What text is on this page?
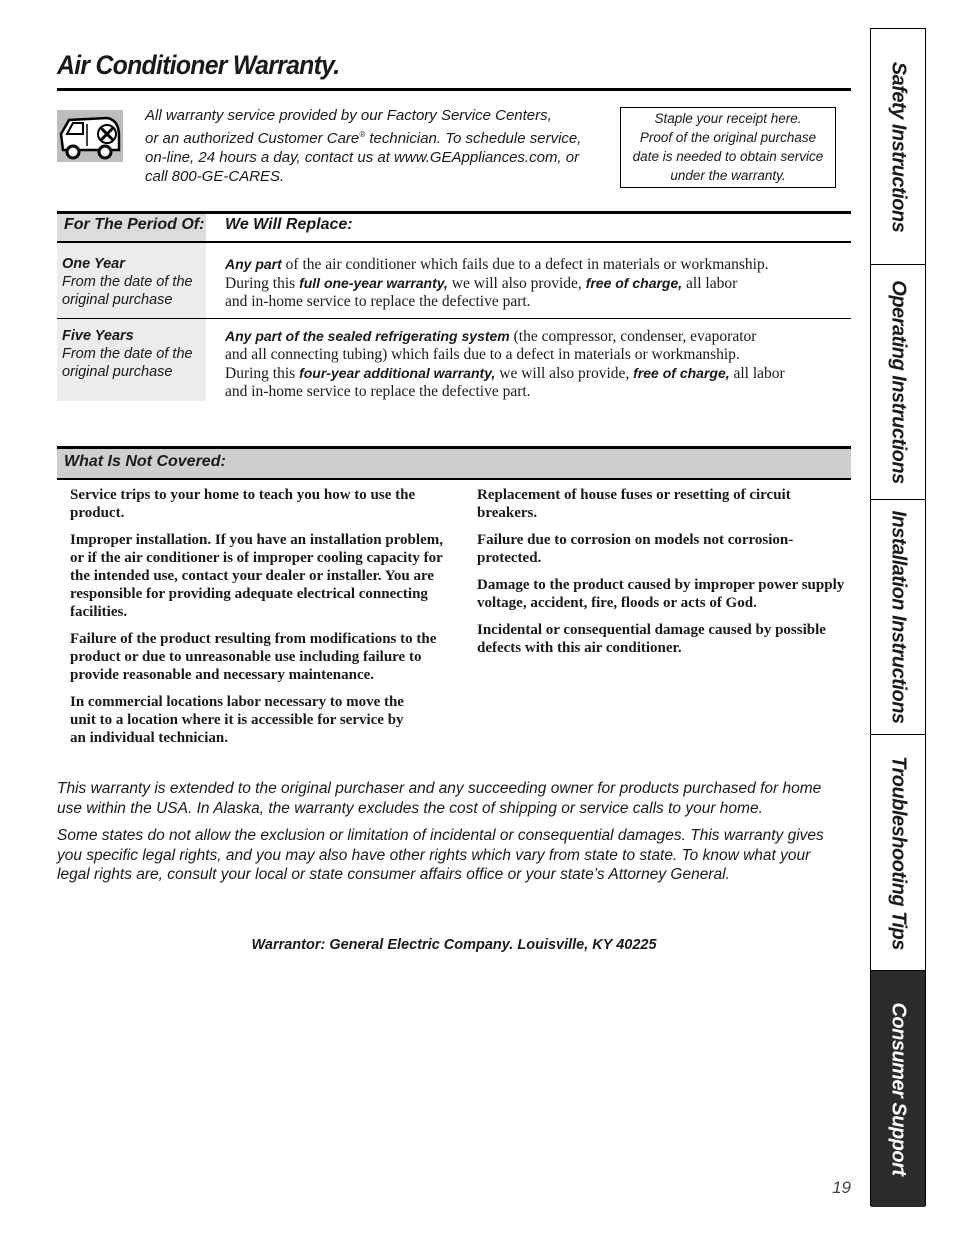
Air Conditioner Warranty.
All warranty service provided by our Factory Service Centers,
or an authorized Customer Care® technician. To schedule service,
on-line, 24 hours a day, contact us at www.GEAppliances.com, or
call 800-GE-CARES.
Staple your receipt here.
Proof of the original purchase
date is needed to obtain service
under the warranty.
For The Period Of: We Will Replace:
One Year
From the date of the
original purchase
Any part of the air conditioner which fails due to a defect in materials or workmanship.
During this full one-year warranty, we will also provide, free of charge, all labor
and in-home service to replace the defective part.
Five Years
From the date of the
original purchase
Any part of the sealed refrigerating system (the compressor, condenser, evaporator
and all connecting tubing) which fails due to a defect in materials or workmanship.
During this four-year additional warranty, we will also provide, free of charge, all labor
and in-home service to replace the defective part.
What Is Not Covered:

Service trips to your home to teach you how to use the product.

Improper installation. If you have an installation problem, or if the air conditioner is of improper cooling capacity for the intended use, contact your dealer or installer. You are responsible for providing adequate electrical connecting facilities.

Failure of the product resulting from modifications to the product or due to unreasonable use including failure to provide reasonable and necessary maintenance.

In commercial locations labor necessary to move the unit to a location where it is accessible for service by an individual technician.

Replacement of house fuses or resetting of circuit breakers.

Failure due to corrosion on models not corrosion-protected.

Damage to the product caused by improper power supply voltage, accident, fire, floods or acts of God.

Incidental or consequential damage caused by possible defects with this air conditioner.

This warranty is extended to the original purchaser and any succeeding owner for products purchased for home use within the USA. In Alaska, the warranty excludes the cost of shipping or service calls to your home.

Some states do not allow the exclusion or limitation of incidental or consequential damages. This warranty gives you specific legal rights, and you may also have other rights which vary from state to state. To know what your legal rights are, consult your local or state consumer affairs office or your state’s Attorney General.

Warrantor: General Electric Company. Louisville, KY 40225
19
Safety Instructions
Operating Instructions
Installation Instructions
Troubleshooting Tips
Consumer Support
